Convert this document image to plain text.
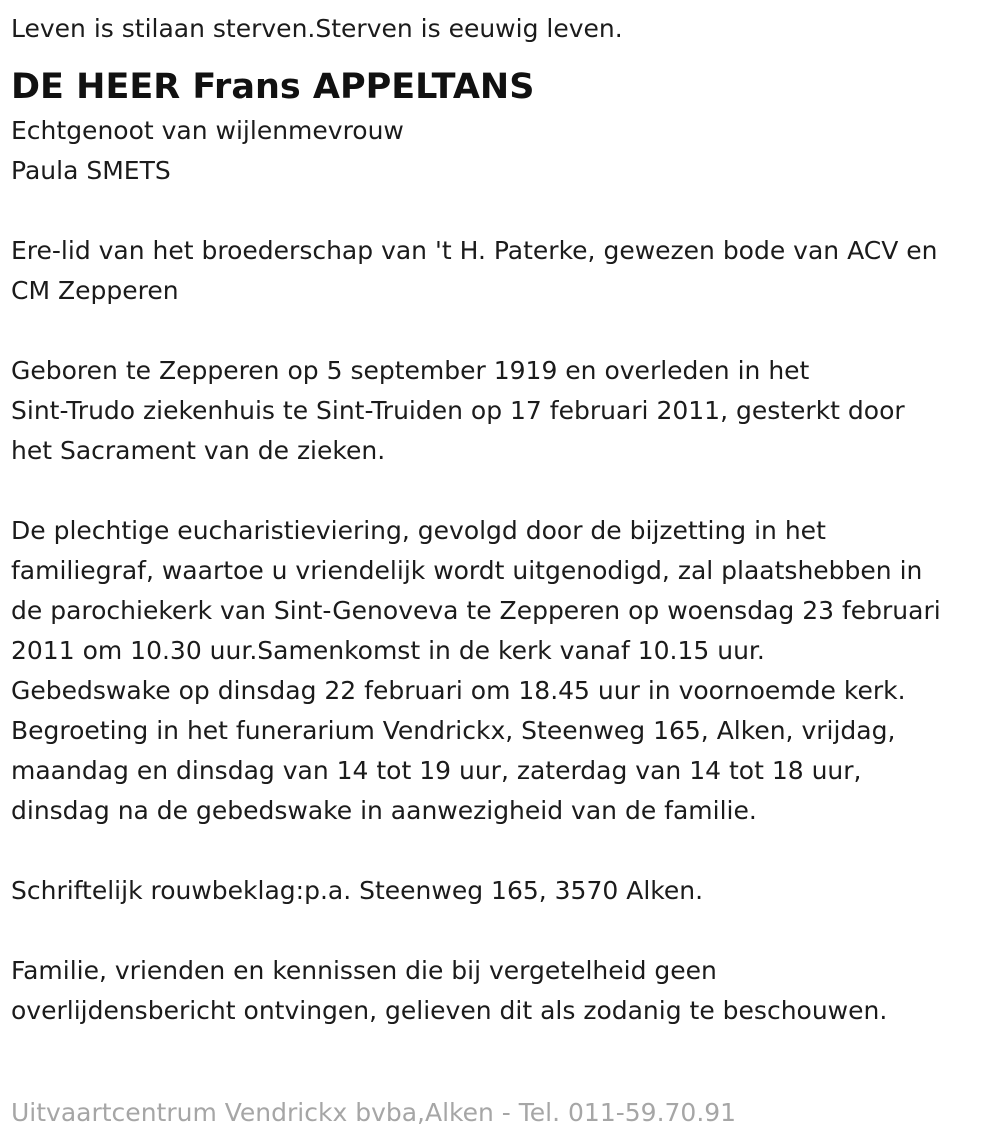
Leven is stilaan sterven.Sterven is eeuwig leven.

DE HEER Frans APPELTANS

Echtgenoot van wijlenmevrouw

Paula SMETS

Ere-lid van het broederschap van 't H. Paterke, gewezen bode van ACV en

CM Zepperen

Geboren te Zepperen op 5 september 1919 en overleden in het

Sint-Trudo ziekenhuis te Sint-Truiden op 17 februari 2011, gesterkt door

het Sacrament van de zieken.

De plechtige eucharistieviering, gevolgd door de bijzetting in het

familiegraf, waartoe u vriendelijk wordt uitgenodigd, zal plaatshebben in

de parochiekerk van Sint-Genoveva te Zepperen op woensdag 23 februari

2011 om 10.30 uur.Samenkomst in de kerk vanaf 10.15 uur.

Gebedswake op dinsdag 22 februari om 18.45 uur in voornoemde kerk.

Begroeting in het funerarium Vendrickx, Steenweg 165, Alken, vrijdag,

maandag en dinsdag van 14 tot 19 uur, zaterdag van 14 tot 18 uur,

dinsdag na de gebedswake in aanwezigheid van de familie.

Schriftelijk rouwbeklag:p.a. Steenweg 165, 3570 Alken.

Familie, vrienden en kennissen die bij vergetelheid geen

overlijdensbericht ontvingen, gelieven dit als zodanig te beschouwen.

Uitvaartcentrum Vendrickx bvba,Alken - Tel. 011-59.70.91
